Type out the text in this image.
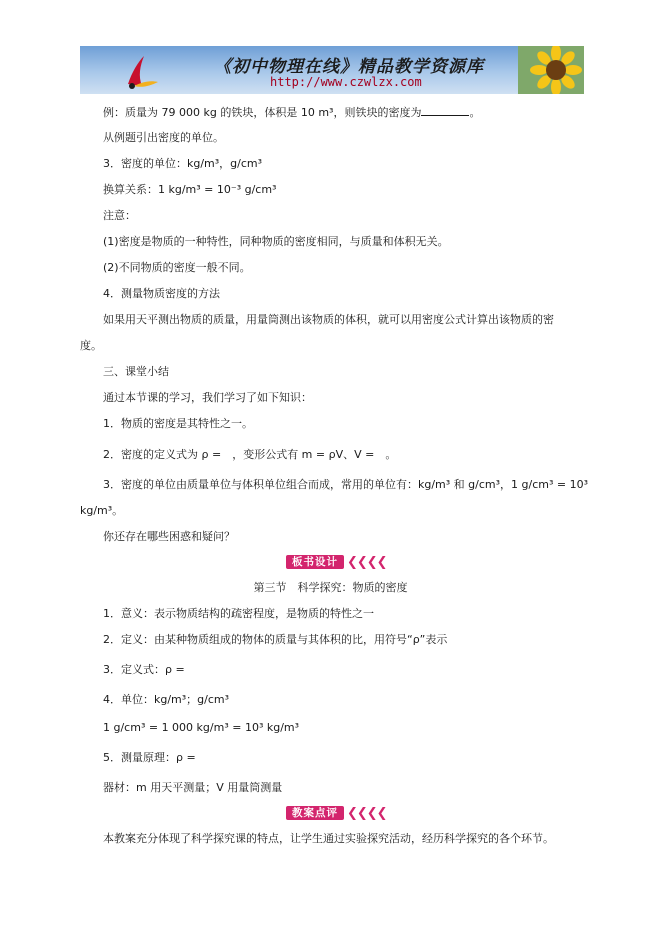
《初中物理在线》精品教学资源库
http://www.czwlzx.com
例：质量为 79 000 kg 的铁块，体积是 10 m³，则铁块的密度为	。
从例题引出密度的单位。
3．密度的单位：kg/m³，g/cm³
换算关系：1 kg/m³ = 10⁻³ g/cm³
注意：
(1)密度是物质的一种特性，同种物质的密度相同，与质量和体积无关。
(2)不同物质的密度一般不同。
4．测量物质密度的方法
如果用天平测出物质的质量，用量筒测出该物质的体积，就可以用密度公式计算出该物质的密
度。
三、课堂小结
通过本节课的学习，我们学习了如下知识：
1．物质的密度是其特性之一。
2．密度的定义式为 ρ =　，变形公式有 m = ρV、V =　。
3．密度的单位由质量单位与体积单位组合而成，常用的单位有：kg/m³ 和 g/cm³，1 g/cm³ = 10³
kg/m³。
你还存在哪些困惑和疑问？
板书设计 ❮❮❮❮
第三节　科学探究：物质的密度
1．意义：表示物质结构的疏密程度，是物质的特性之一
2．定义：由某种物质组成的物体的质量与其体积的比，用符号“ρ”表示
3．定义式：ρ =
4．单位：kg/m³；g/cm³
1 g/cm³ = 1 000 kg/m³ = 10³ kg/m³
5．测量原理：ρ =
器材：m 用天平测量；V 用量筒测量
教案点评 ❮❮❮❮
本教案充分体现了科学探究课的特点，让学生通过实验探究活动，经历科学探究的各个环节。
